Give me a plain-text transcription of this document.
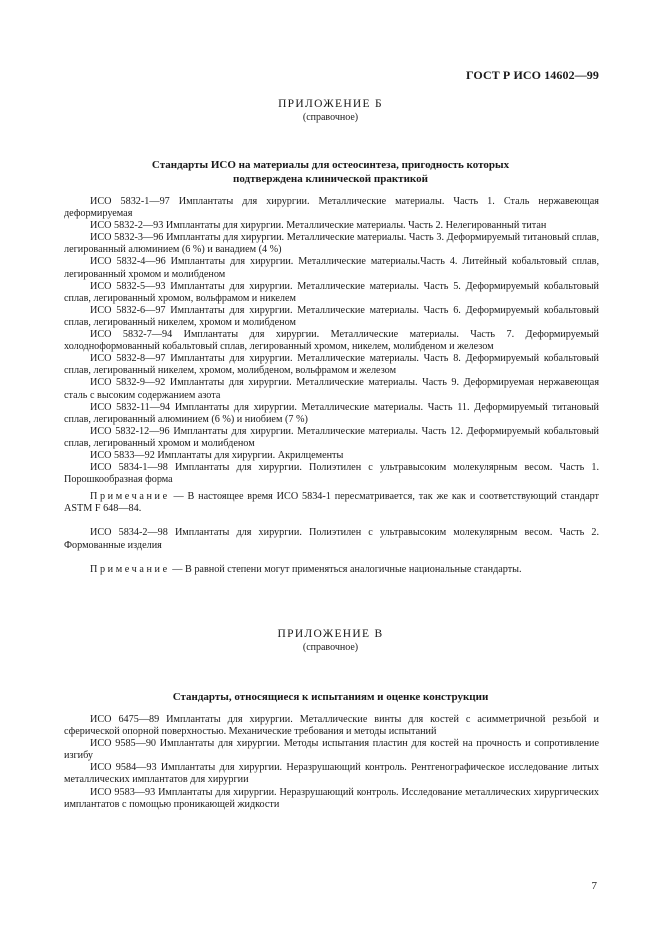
ГОСТ Р ИСО 14602—99
ПРИЛОЖЕНИЕ Б
(справочное)
Стандарты ИСО на материалы для остеосинтеза, пригодность которых
подтверждена клинической практикой

ИСО 5832-1—97 Имплантаты для хирургии. Металлические материалы. Часть 1. Сталь нержавеющая деформируемая

ИСО 5832-2—93 Имплантаты для хирургии. Металлические материалы. Часть 2. Нелегированный титан

ИСО 5832-3—96 Имплантаты для хирургии. Металлические материалы. Часть 3. Деформируемый титановый сплав, легированный алюминием (6 %) и ванадием (4 %)

ИСО 5832-4—96 Имплантаты для хирургии. Металлические материалы.Часть 4. Литейный кобальтовый сплав, легированный хромом и молибденом

ИСО 5832-5—93 Имплантаты для хирургии. Металлические материалы. Часть 5. Деформируемый кобальтовый сплав, легированный хромом, вольфрамом и никелем

ИСО 5832-6—97 Имплантаты для хирургии. Металлические материалы. Часть 6. Деформируемый кобальтовый сплав, легированный никелем, хромом и молибденом

ИСО 5832-7—94 Имплантаты для хирургии. Металлические материалы. Часть 7. Деформируемый холоднoформованный кобальтовый сплав, легированный хромом, никелем, молибденом и железом

ИСО 5832-8—97 Имплантаты для хирургии. Металлические материалы. Часть 8. Деформируемый кобальтовый сплав, легированный никелем, хромом, молибденом, вольфрамом и железом

ИСО 5832-9—92 Имплантаты для хирургии. Металлические материалы. Часть 9. Деформируемая нержавеющая сталь с высоким содержанием азота

ИСО 5832-11—94 Имплантаты для хирургии. Металлические материалы. Часть 11. Деформируемый титановый сплав, легированный алюминием (6 %) и ниобием (7 %)

ИСО 5832-12—96 Имплантаты для хирургии. Металлические материалы. Часть 12. Деформируемый кобальтовый сплав, легированный хромом и молибденом

ИСО 5833—92 Имплантаты для хирургии. Акрилцементы

ИСО 5834-1—98 Имплантаты для хирургии. Полиэтилен с ультравысоким молекулярным весом. Часть 1. Порошкообразная форма

Примечание — В настоящее время ИСО 5834-1 пересматривается, так же как и соответствующий стандарт ASTM F 648—84.

ИСО 5834-2—98 Имплантаты для хирургии. Полиэтилен с ультравысоким молекулярным весом. Часть 2. Формованные изделия

Примечание — В равной степени могут применяться аналогичные национальные стандарты.

ПРИЛОЖЕНИЕ В
(справочное)
Стандарты, относящиеся к испытаниям и оценке конструкции

ИСО 6475—89 Имплантаты для хирургии. Металлические винты для костей с асимметричной резьбой и сферической опорной поверхностью. Механические требования и методы испытаний

ИСО 9585—90 Имплантаты для хирургии. Методы испытания пластин для костей на прочность и сопротивление изгибу

ИСО 9584—93 Имплантаты для хирургии. Неразрушающий контроль. Рентгенографическое исследование литых металлических имплантатов для хирургии

ИСО 9583—93 Имплантаты для хирургии. Неразрушающий контроль. Исследование металлических хирургических имплантатов с помощью проникающей жидкости

7
